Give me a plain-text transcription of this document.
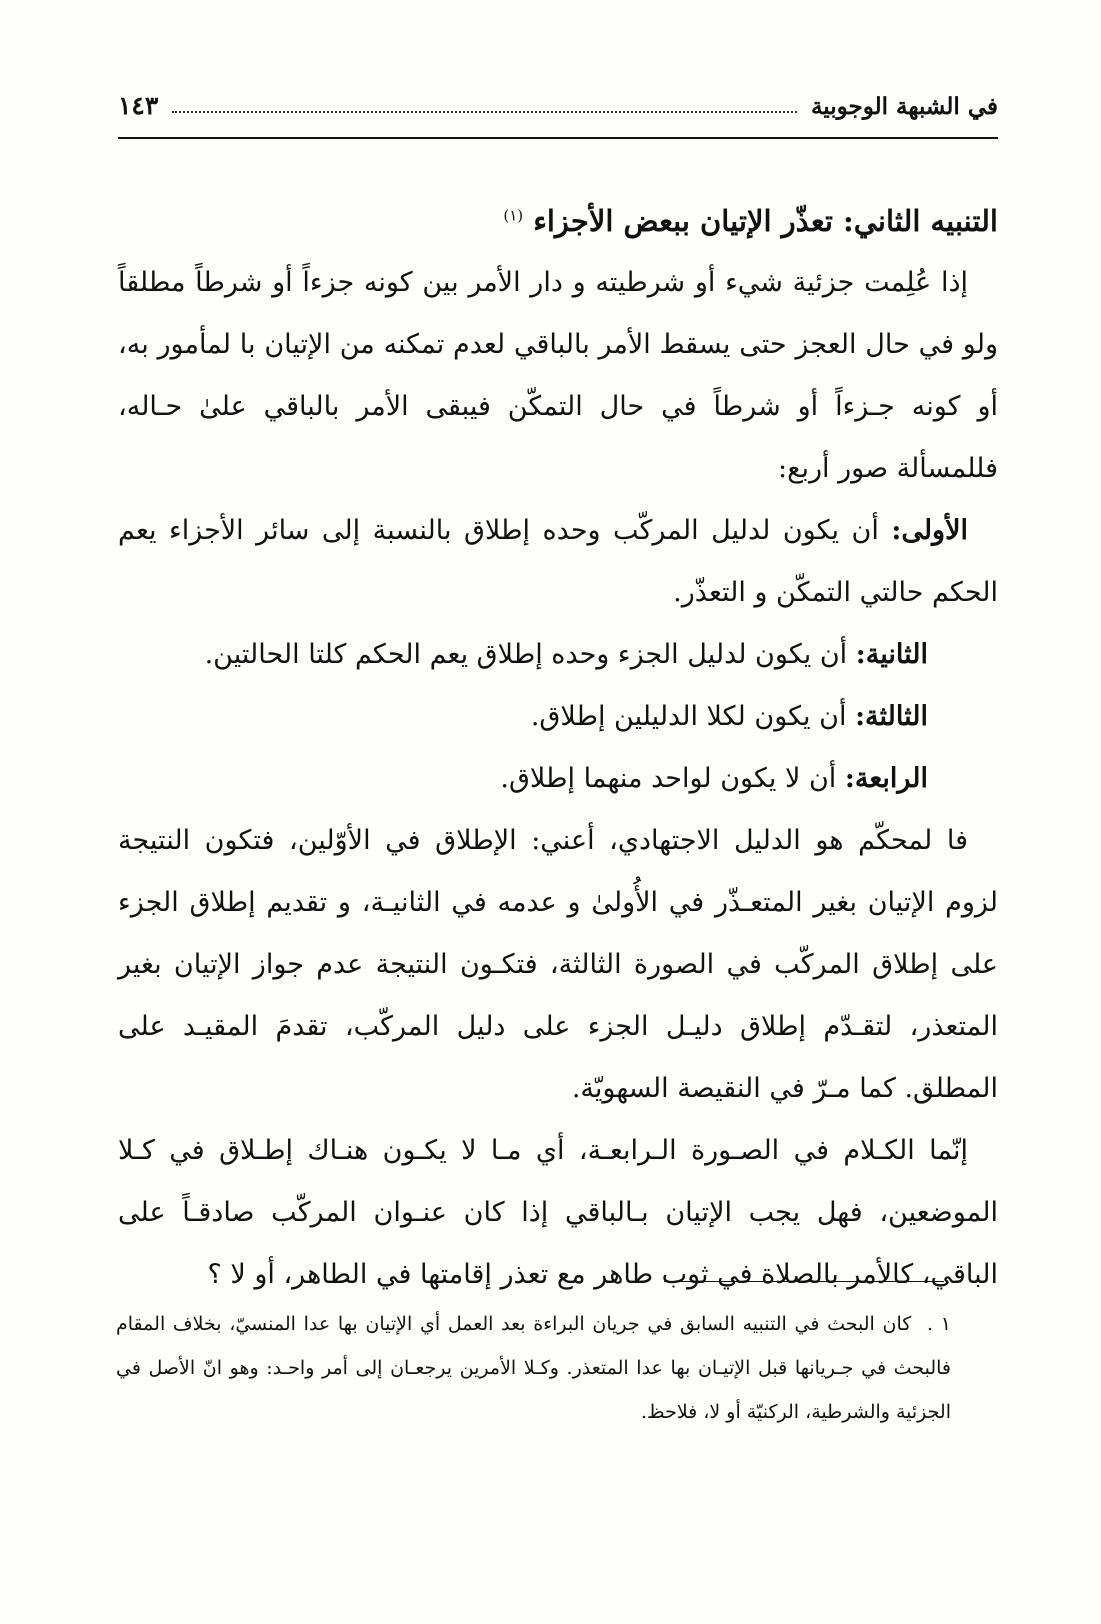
في الشبهة الوجوبية
١٤٣

التنبيه الثاني: تعذّر الإتيان ببعض الأجزاء $^{(١)}$

إذا عُلِمت جزئية شيء أو شرطيته و دار الأمر بين كونه جزءاً أو شرطاً مطلقاً ولو في حال العجز حتى يسقط الأمر بالباقي لعدم تمكنه من الإتيان با لمأمور به، أو كونه جـزءاً أو شرطاً في حال التمكّن فيبقى الأمر بالباقي علىٰ حـاله، فللمسألة صور أربع:

الأولى: أن يكون لدليل المركّب وحده إطلاق بالنسبة إلى سائر الأجزاء يعم الحكم حالتي التمكّن و التعذّر.

الثانية: أن يكون لدليل الجزء وحده إطلاق يعم الحكم كلتا الحالتين.

الثالثة: أن يكون لكلا الدليلين إطلاق.

الرابعة: أن لا يكون لواحد منهما إطلاق.

فا لمحكّم هو الدليل الاجتهادي، أعني: الإطلاق في الأوّلين، فتكون النتيجة لزوم الإتيان بغير المتعـذّر في الأُولىٰ و عدمه في الثانيـة، و تقديم إطلاق الجزء على إطلاق المركّب في الصورة الثالثة، فتكـون النتيجة عدم جواز الإتيان بغير المتعذر، لتقـدّم إطلاق دليـل الجزء على دليل المركّب، تقدمَ المقيـد على المطلق. كما مـرّ في النقيصة السهويّة.

إنّما الكـلام في الصـورة الـرابعـة، أي مـا لا يكـون هنـاك إطـلاق في كـلا الموضعين، فهل يجب الإتيان بـالباقي إذا كان عنـوان المركّب صادقـاً على الباقي، كالأمر بالصلاة في ثوب طاهر مع تعذر إقامتها في الطاهر، أو لا ؟

١ . كان البحث في التنبيه السابق في جريان البراءة بعد العمل أي الإتيان بها عدا المنسيّ، بخلاف المقام فالبحث في جـريانها قبل الإتيـان بها عدا المتعذر. وكـلا الأمرين يرجعـان إلى أمر واحـد: وهو انّ الأصل في الجزئية والشرطية، الركنيّة أو لا، فلاحظ.
